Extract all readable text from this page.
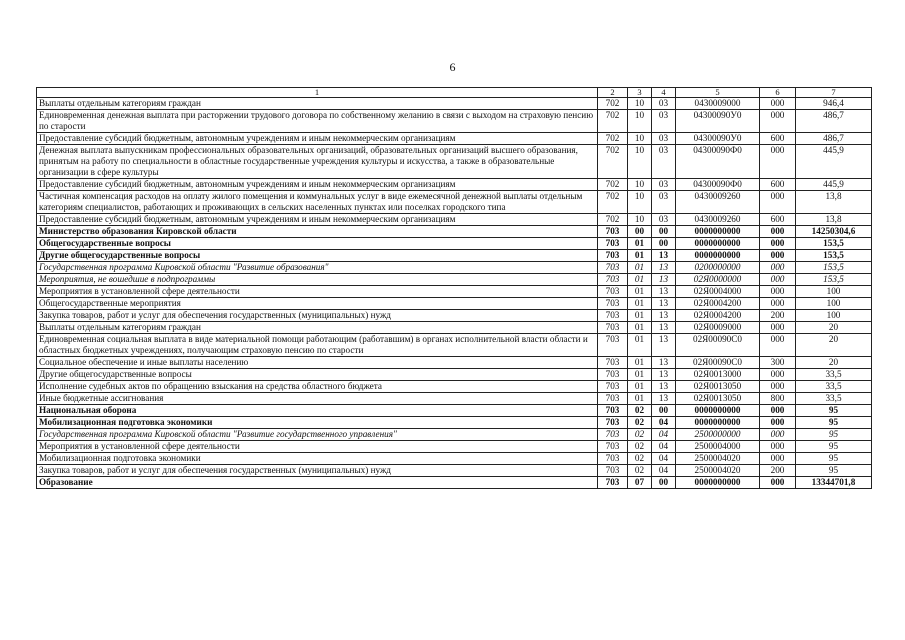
6
1	2	3	4	5	6	7
Выплаты отдельным категориям граждан	702	10	03	0430009000	000	946,4
Единовременная денежная выплата при расторжении трудового договора по собственному желанию в связи с выходом на страховую пенсию по старости	702	10	03	04300090У0	000	486,7
Предоставление субсидий бюджетным, автономным учреждениям и иным некоммерческим организациям	702	10	03	04300090У0	600	486,7
Денежная выплата выпускникам профессиональных образовательных организаций, образовательных организаций высшего образования, принятым на работу по специальности в областные государственные учреждения культуры и искусства, а также в образовательные организации в сфере культуры	702	10	03	04300090Ф0	000	445,9
Предоставление субсидий бюджетным, автономным учреждениям и иным некоммерческим организациям	702	10	03	04300090Ф0	600	445,9
Частичная компенсация расходов на оплату жилого помещения и коммунальных услуг в виде ежемесячной денежной выплаты отдельным категориям специалистов, работающих и проживающих в сельских населенных пунктах или поселках городского типа	702	10	03	0430009260	000	13,8
Предоставление субсидий бюджетным, автономным учреждениям и иным некоммерческим организациям	702	10	03	0430009260	600	13,8
Министерство образования Кировской области	703	00	00	0000000000	000	14250304,6
Общегосударственные вопросы	703	01	00	0000000000	000	153,5
Другие общегосударственные вопросы	703	01	13	0000000000	000	153,5
Государственная программа Кировской области "Развитие образования"	703	01	13	0200000000	000	153,5
Мероприятия, не вошедшие в подпрограммы	703	01	13	02Я0000000	000	153,5
Мероприятия в установленной сфере деятельности	703	01	13	02Я0004000	000	100
Общегосударственные мероприятия	703	01	13	02Я0004200	000	100
Закупка товаров, работ и услуг для обеспечения государственных (муниципальных) нужд	703	01	13	02Я0004200	200	100
Выплаты отдельным категориям граждан	703	01	13	02Я0009000	000	20
Единовременная социальная выплата в виде материальной помощи работающим (работавшим) в органах исполнительной власти области и областных бюджетных учреждениях, получающим страховую пенсию по старости	703	01	13	02Я00090С0	000	20
Социальное обеспечение и иные выплаты населению	703	01	13	02Я00090С0	300	20
Другие общегосударственные вопросы	703	01	13	02Я0013000	000	33,5
Исполнение судебных актов по обращению взыскания на средства областного бюджета	703	01	13	02Я0013050	000	33,5
Иные бюджетные ассигнования	703	01	13	02Я0013050	800	33,5
Национальная оборона	703	02	00	0000000000	000	95
Мобилизационная подготовка экономики	703	02	04	0000000000	000	95
Государственная программа Кировской области "Развитие государственного управления"	703	02	04	2500000000	000	95
Мероприятия в установленной сфере деятельности	703	02	04	2500004000	000	95
Мобилизационная подготовка экономики	703	02	04	2500004020	000	95
Закупка товаров, работ и услуг для обеспечения государственных (муниципальных) нужд	703	02	04	2500004020	200	95
Образование	703	07	00	0000000000	000	13344701,8
